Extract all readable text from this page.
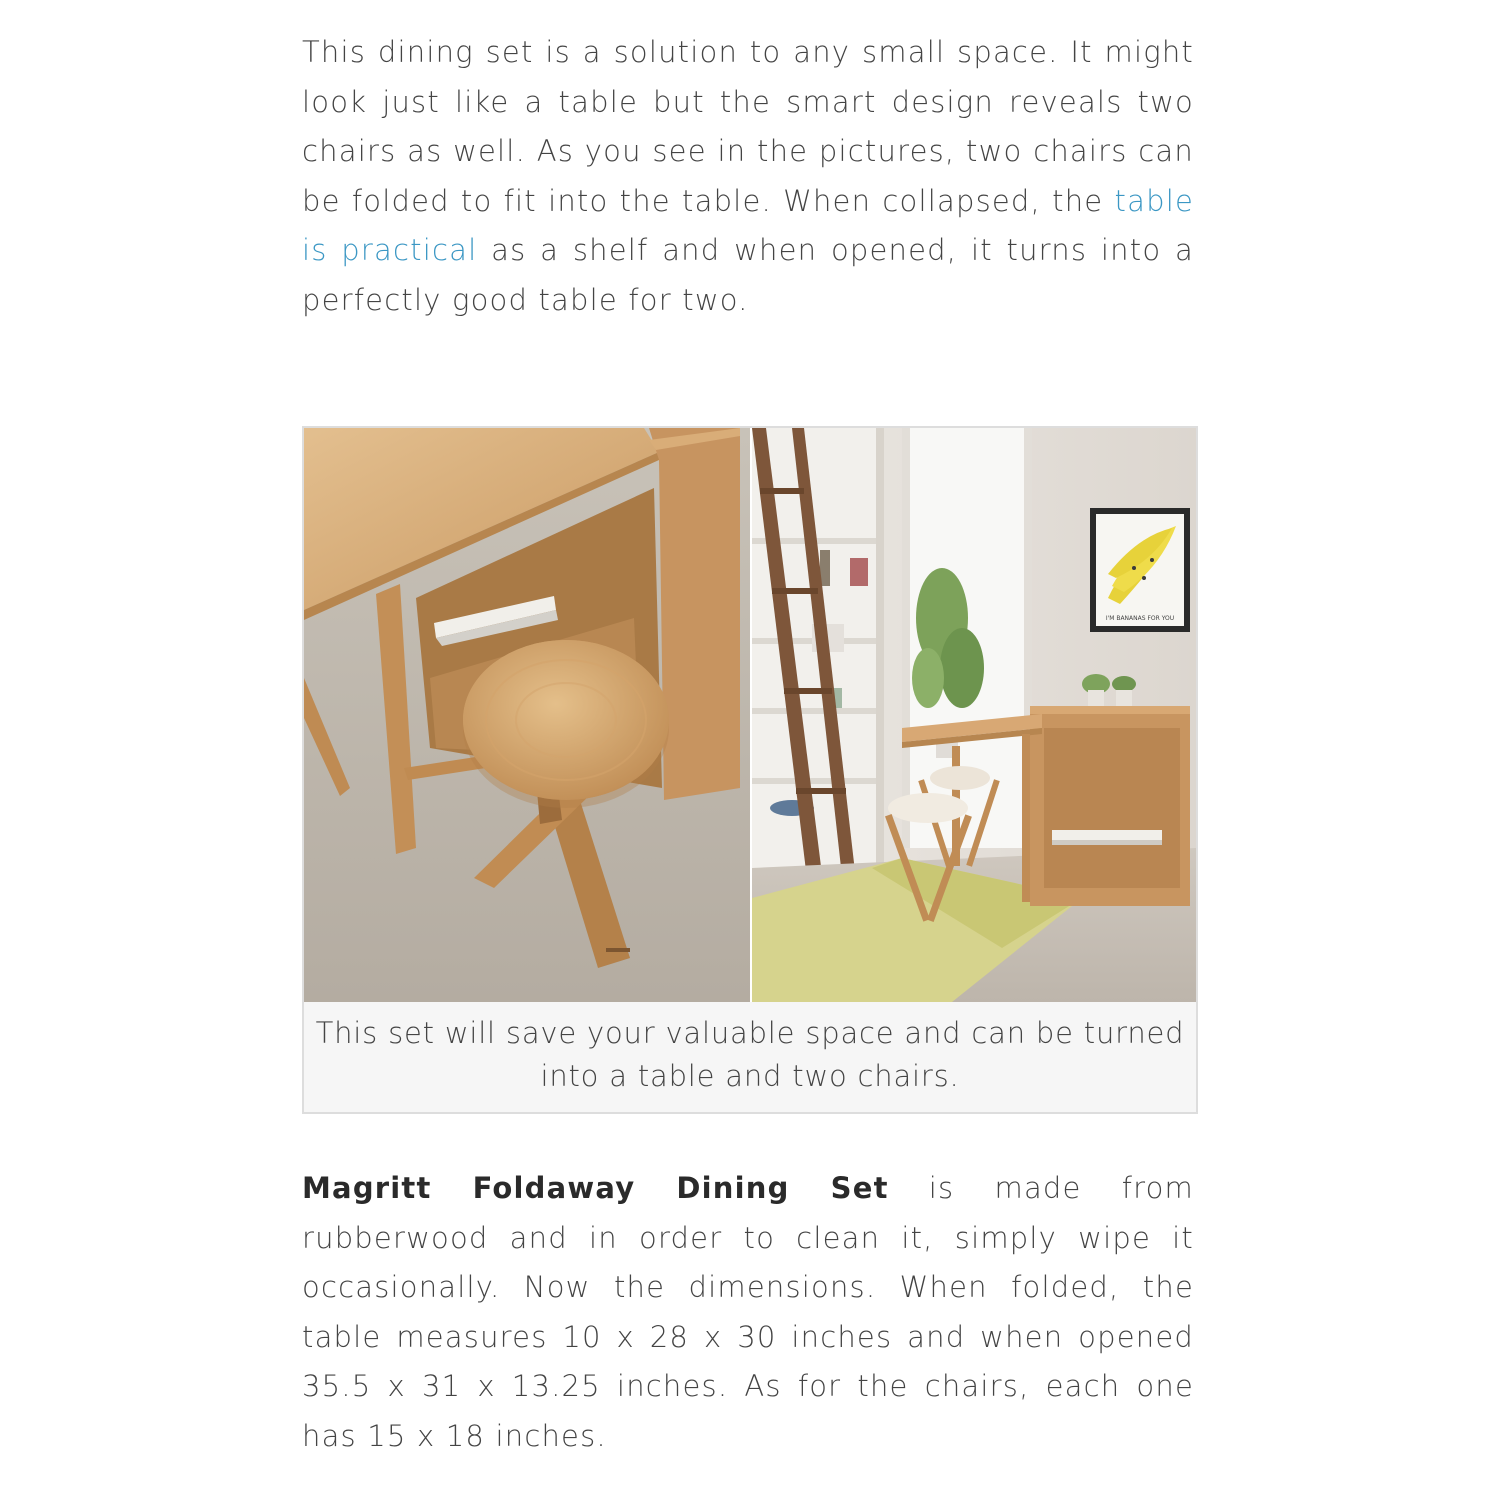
This dining set is a solution to any small space. It might look just like a table but the smart design reveals two chairs as well. As you see in the pictures, two chairs can be folded to fit into the table. When collapsed, the table is practical as a shelf and when opened, it turns into a perfectly good table for two.

I'M BANANAS FOR YOU
This set will save your valuable space and can be turned into a table and two chairs.

Magritt Foldaway Dining Set is made from rubberwood and in order to clean it, simply wipe it occasionally. Now the dimensions. When folded, the table measures 10 x 28 x 30 inches and when opened 35.5 x 31 x 13.25 inches. As for the chairs, each one has 15 x 18 inches.
